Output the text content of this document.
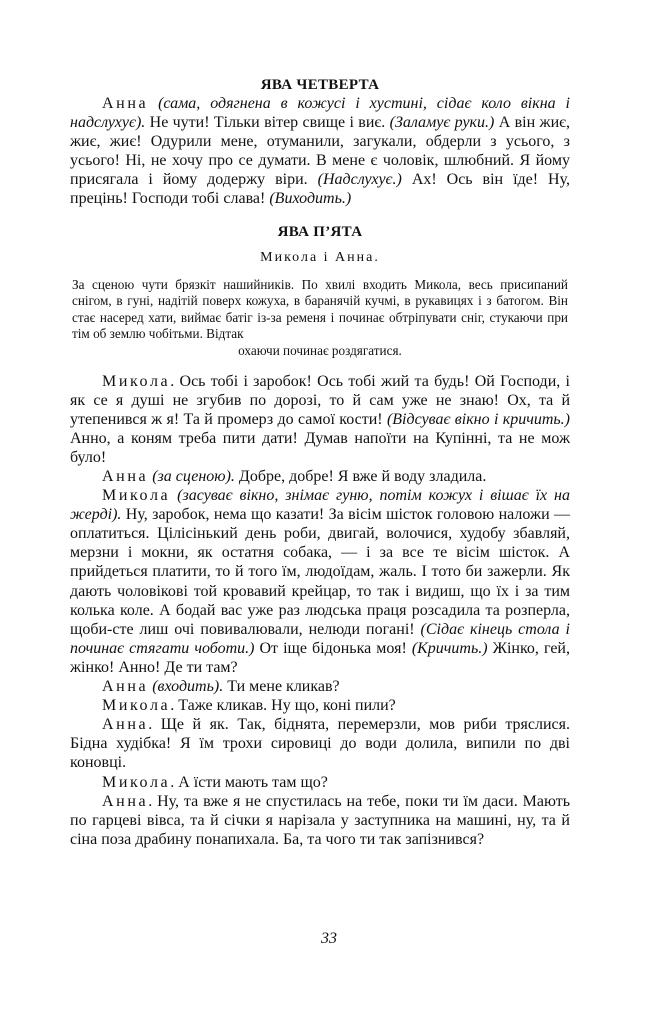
ЯВА ЧЕТВЕРТА

Анна (сама, одягнена в кожусі і хустині, сідає коло вікна і надслухує). Не чути! Тільки вітер свище і виє. (Заламує руки.) А він жиє, жиє, жиє! Одурили мене, отуманили, загукали, обдерли з усього, з усього! Ні, не хочу про се думати. В мене є чоловік, шлюбний. Я йому присягала і йому додержу віри. (Надслухує.) Ах! Ось він їде! Ну, прецінь! Господи тобі слава! (Виходить.)

ЯВА П’ЯТА
Микола і Анна.
За сценою чути брязкіт нашийників. По хвилі входить Микола, весь присипаний снігом, в гуні, надітій поверх кожуха, в баранячій кучмі, в рукавицях і з батогом. Він стає насеред хати, виймає батіг із-за ременя і починає обтріпувати сніг, стукаючи при тім об землю чобітьми. Відтак
охаючи починає роздягатися.

Микола. Ось тобі і заробок! Ось тобі жий та будь! Ой Господи, і як се я душі не згубив по дорозі, то й сам уже не знаю! Ох, та й утепенився ж я! Та й промерз до самої кости! (Відсуває вікно і кричить.) Анно, а коням треба пити дати! Думав напоїти на Купінні, та не мож було!

Анна (за сценою). Добре, добре! Я вже й воду зладила.

Микола (засуває вікно, знімає гуню, потім кожух і вішає їх на жерді). Ну, заробок, нема що казати! За вісім шісток головою наложи — оплатиться. Цілісінький день роби, двигай, волочися, худобу збавляй, мерзни і мокни, як остатня собака, — і за все те вісім шісток. А прийдеться платити, то й того їм, людоїдам, жаль. І тото би зажерли. Як дають чоловікові той кровавий крейцар, то так і видиш, що їх і за тим колька коле. А бодай вас уже раз людська праця розсадила та розперла, щоби-сте лиш очі повивалювали, нелюди погані! (Сідає кінець стола і починає стягати чоботи.) От іще бідонька моя! (Кричить.) Жінко, гей, жінко! Анно! Де ти там?

Анна (входить). Ти мене кликав?

Микола. Таже кликав. Ну що, коні пили?

Анна. Ще й як. Так, біднята, перемерзли, мов риби тряслися. Бідна худібка! Я їм трохи сировиці до води долила, випили по дві коновці.

Микола. А їсти мають там що?

Анна. Ну, та вже я не спустилась на тебе, поки ти їм даси. Мають по гарцеві вівса, та й січки я нарізала у заступника на машині, ну, та й сіна поза драбину понапихала. Ба, та чого ти так запізнився?

33
